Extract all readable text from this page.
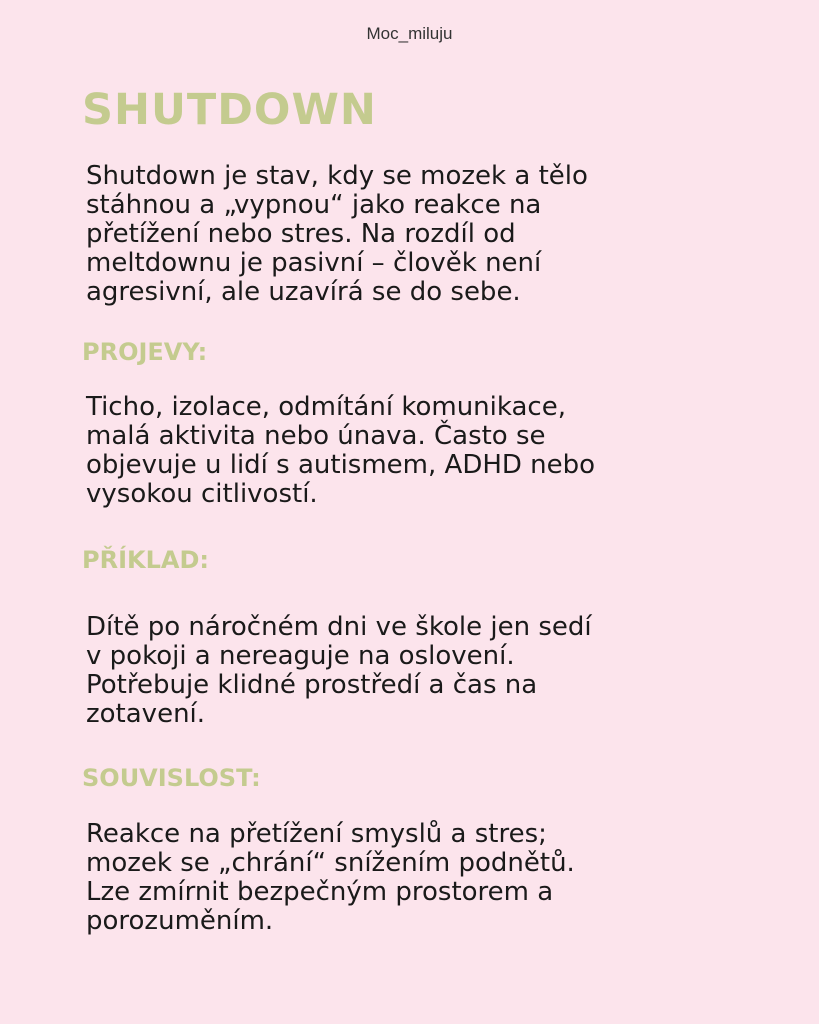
Moc_miluju
SHUTDOWN

Shutdown je stav, kdy se mozek a tělo
stáhnou a „vypnou“ jako reakce na
přetížení nebo stres. Na rozdíl od
meltdownu je pasivní – člověk není
agresivní, ale uzavírá se do sebe.

PROJEVY:

Ticho, izolace, odmítání komunikace,
malá aktivita nebo únava. Často se
objevuje u lidí s autismem, ADHD nebo
vysokou citlivostí.

PŘÍKLAD:

Dítě po náročném dni ve škole jen sedí
v pokoji a nereaguje na oslovení.
Potřebuje klidné prostředí a čas na
zotavení.

SOUVISLOST:

Reakce na přetížení smyslů a stres;
mozek se „chrání“ snížením podnětů.
Lze zmírnit bezpečným prostorem a
porozuměním.
